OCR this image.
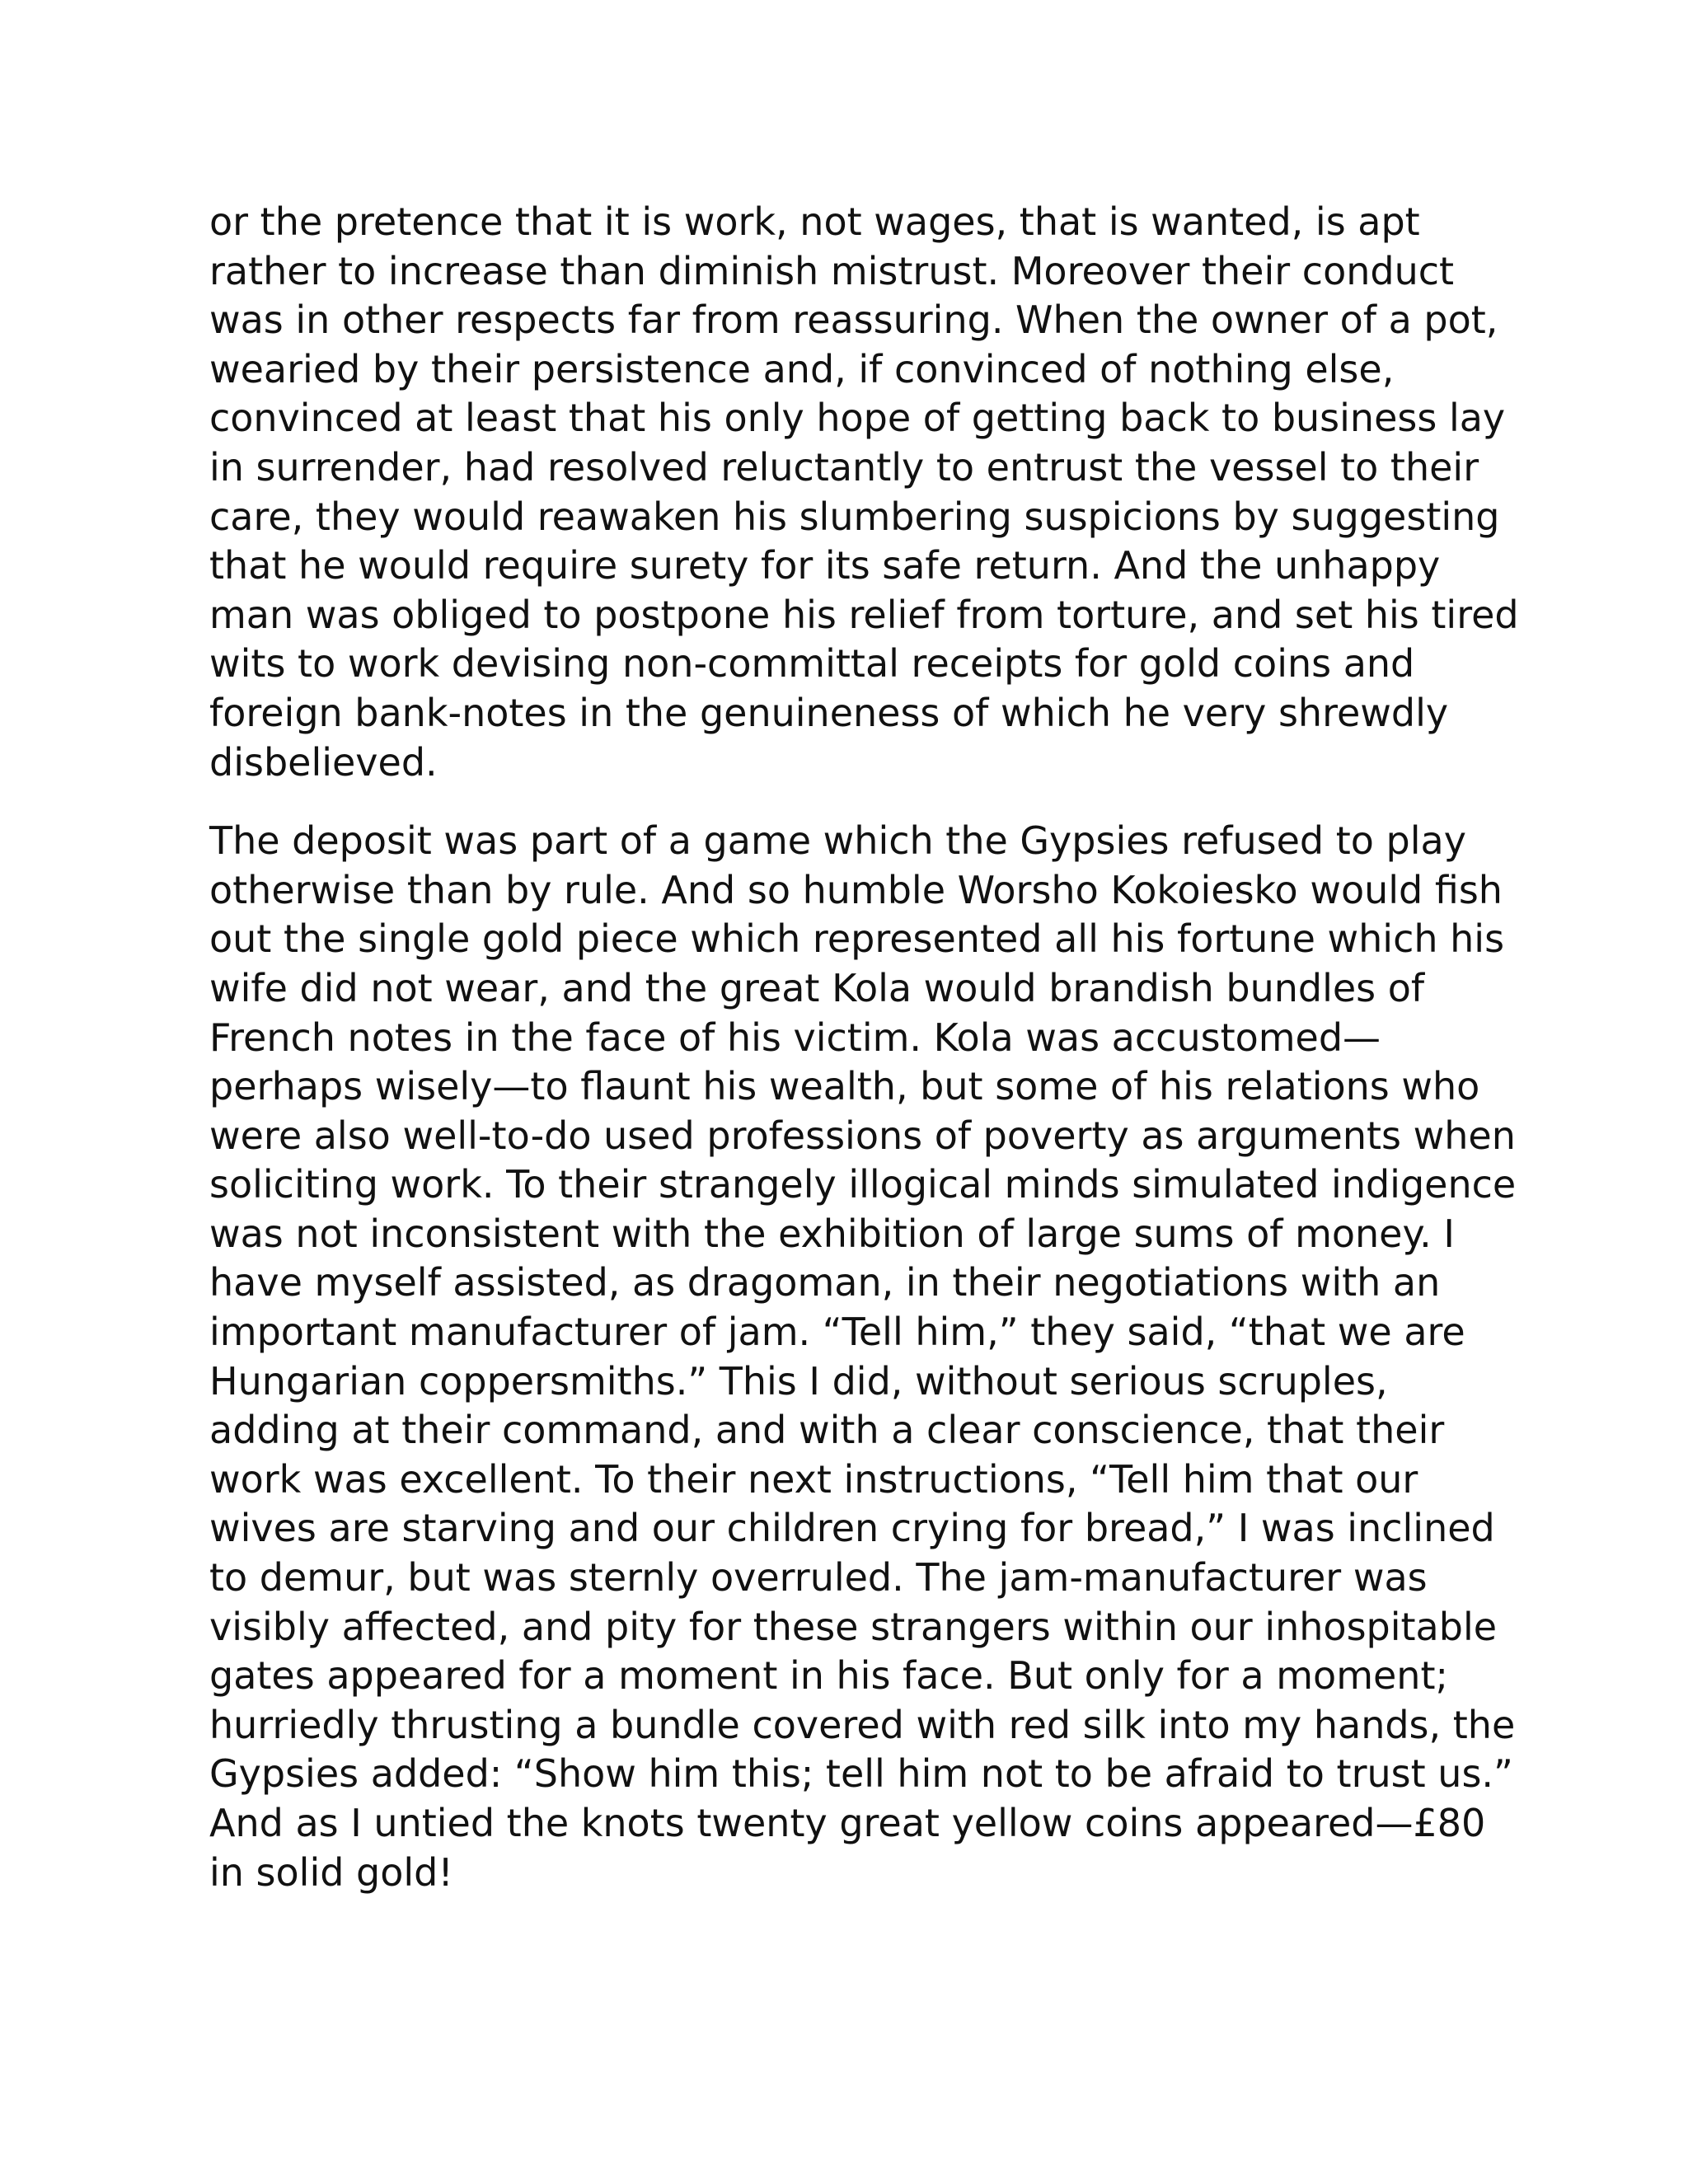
or the pretence that it is work, not wages, that is wanted, is apt
rather to increase than diminish mistrust. Moreover their conduct
was in other respects far from reassuring. When the owner of a pot,
wearied by their persistence and, if convinced of nothing else,
convinced at least that his only hope of getting back to business lay
in surrender, had resolved reluctantly to entrust the vessel to their
care, they would reawaken his slumbering suspicions by suggesting
that he would require surety for its safe return. And the unhappy
man was obliged to postpone his relief from torture, and set his tired
wits to work devising non-committal receipts for gold coins and
foreign bank-notes in the genuineness of which he very shrewdly
disbelieved.

The deposit was part of a game which the Gypsies refused to play
otherwise than by rule. And so humble Worsho Kokoiesko would fish
out the single gold piece which represented all his fortune which his
wife did not wear, and the great Kola would brandish bundles of
French notes in the face of his victim. Kola was accustomed—
perhaps wisely—to flaunt his wealth, but some of his relations who
were also well-to-do used professions of poverty as arguments when
soliciting work. To their strangely illogical minds simulated indigence
was not inconsistent with the exhibition of large sums of money. I
have myself assisted, as dragoman, in their negotiations with an
important manufacturer of jam. “Tell him,” they said, “that we are
Hungarian coppersmiths.” This I did, without serious scruples,
adding at their command, and with a clear conscience, that their
work was excellent. To their next instructions, “Tell him that our
wives are starving and our children crying for bread,” I was inclined
to demur, but was sternly overruled. The jam-manufacturer was
visibly affected, and pity for these strangers within our inhospitable
gates appeared for a moment in his face. But only for a moment;
hurriedly thrusting a bundle covered with red silk into my hands, the
Gypsies added: “Show him this; tell him not to be afraid to trust us.”
And as I untied the knots twenty great yellow coins appeared—£80
in solid gold!
